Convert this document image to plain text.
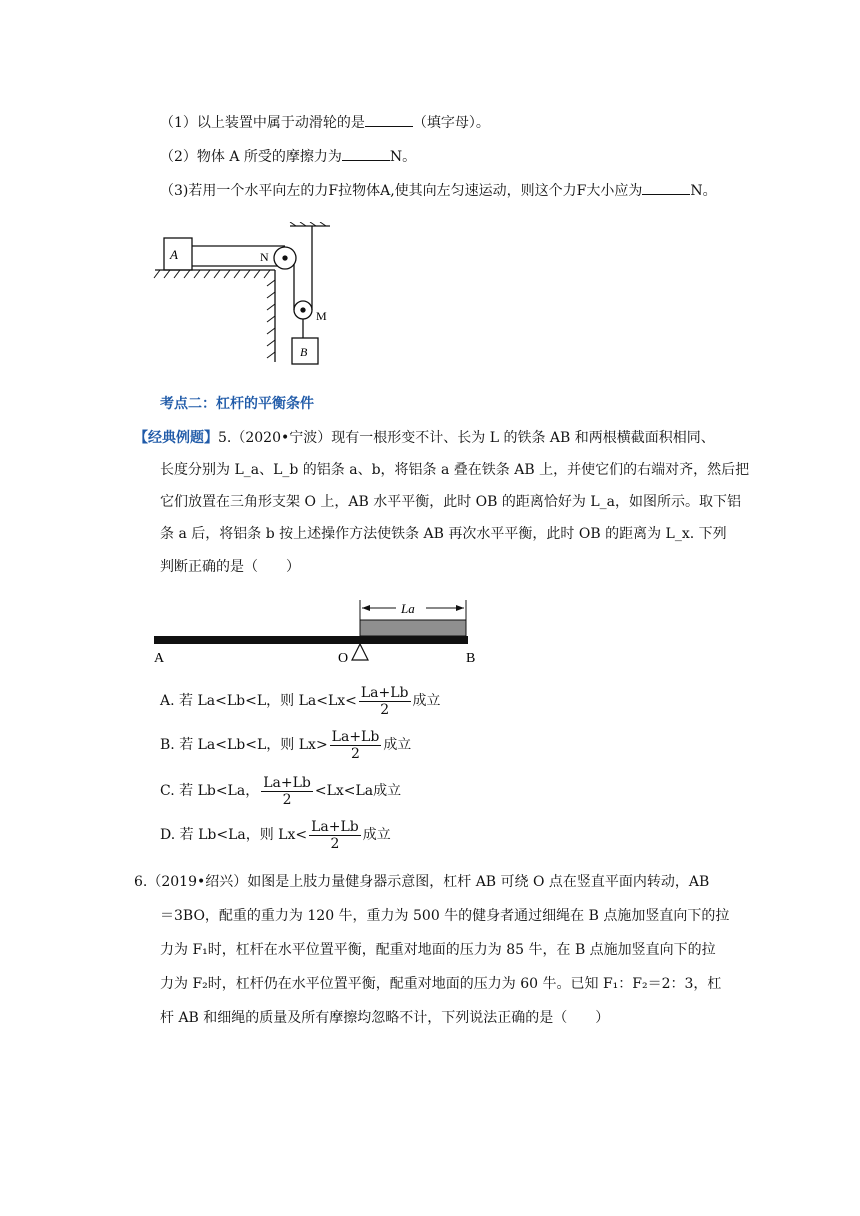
（1）以上装置中属于动滑轮的是	（填字母）。
（2）物体 A 所受的摩擦力为	N。
（3)若用一个水平向左的力F拉物体A,使其向左匀速运动，则这个力F大小应为	N。
A	N
M
B
考点二：杠杆的平衡条件
【经典例题】5.（2020•宁波）现有一根形变不计、长为 L 的铁条 AB 和两根横截面积相同、
长度分别为 L_a、L_b 的铝条 a、b，将铝条 a 叠在铁条 AB 上，并使它们的右端对齐，然后把
它们放置在三角形支架 O 上，AB 水平平衡，此时 OB 的距离恰好为 L_a，如图所示。取下铝
条 a 后，将铝条 b 按上述操作方法使铁条 AB 再次水平平衡，此时 OB 的距离为 L_x. 下列
判断正确的是（　　）
La
A	O	B
A. 若 La<Lb<L，则 $La<Lx< \frac{La+Lb}{2}$ 成立
B. 若 La<Lb<L，则 $Lx> \frac{La+Lb}{2}$ 成立
C. 若 Lb<La， $\frac{La+Lb}{2} <Lx<La$成立
D. 若 Lb<La，则 $Lx< \frac{La+Lb}{2}$ 成立
6.（2019•绍兴）如图是上肢力量健身器示意图，杠杆 AB 可绕 O 点在竖直平面内转动，AB
＝3BO，配重的重力为 120 牛，重力为 500 牛的健身者通过细绳在 B 点施加竖直向下的拉
力为 F₁时，杠杆在水平位置平衡，配重对地面的压力为 85 牛，在 B 点施加竖直向下的拉
力为 F₂时，杠杆仍在水平位置平衡，配重对地面的压力为 60 牛。已知 F₁：F₂＝2：3，杠
杆 AB 和细绳的质量及所有摩擦均忽略不计，下列说法正确的是（　　）
